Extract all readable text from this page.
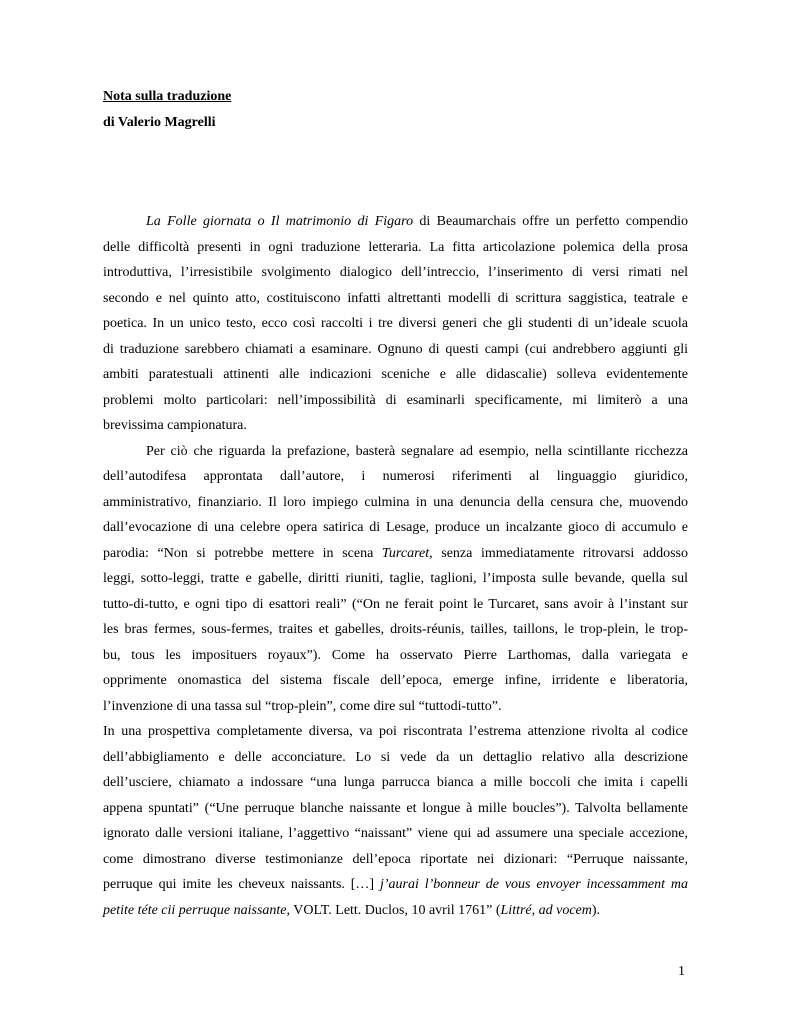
Nota sulla traduzione
di Valerio Magrelli
La Folle giornata o Il matrimonio di Figaro di Beaumarchais offre un perfetto compendio
delle difficoltà presenti in ogni traduzione letteraria. La fitta articolazione polemica della prosa
introduttiva, l’irresistibile svolgimento dialogico dell’intreccio, l’inserimento di versi rimati nel
secondo e nel quinto atto, costituiscono infatti altrettanti modelli di scrittura saggistica, teatrale e
poetica. In un unico testo, ecco così raccolti i tre diversi generi che gli studenti di un’ideale scuola
di traduzione sarebbero chiamati a esaminare. Ognuno di questi campi (cui andrebbero aggiunti gli
ambiti paratestuali attinenti alle indicazioni sceniche e alle didascalie) solleva evidentemente
problemi molto particolari: nell’impossibilità di esaminarli specificamente, mi limiterò a una
brevissima campionatura.
Per ciò che riguarda la prefazione, basterà segnalare ad esempio, nella scintillante ricchezza
dell’autodifesa approntata dall’autore, i numerosi riferimenti al linguaggio giuridico,
amministrativo, finanziario. Il loro impiego culmina in una denuncia della censura che, muovendo
dall’evocazione di una celebre opera satirica di Lesage, produce un incalzante gioco di accumulo e
parodia: “Non si potrebbe mettere in scena Turcaret, senza immediatamente ritrovarsi addosso
leggi, sotto-leggi, tratte e gabelle, diritti riuniti, taglie, taglioni, l’imposta sulle bevande, quella sul
tutto-di-tutto, e ogni tipo di esattori reali” (“On ne ferait point le Turcaret, sans avoir à l’instant sur
les bras fermes, sous-fermes, traites et gabelles, droits-réunis, tailles, taillons, le trop-plein, le trop-
bu, tous les imposituers royaux”). Come ha osservato Pierre Larthomas, dalla variegata e
opprimente onomastica del sistema fiscale dell’epoca, emerge infine, irridente e liberatoria,
l’invenzione di una tassa sul “trop-plein”, come dire sul “tuttodi-tutto”.
In una prospettiva completamente diversa, va poi riscontrata l’estrema attenzione rivolta al codice
dell’abbigliamento e delle acconciature. Lo si vede da un dettaglio relativo alla descrizione
dell’usciere, chiamato a indossare “una lunga parrucca bianca a mille boccoli che imita i capelli
appena spuntati” (“Une perruque blanche naissante et longue à mille boucles”). Talvolta bellamente
ignorato dalle versioni italiane, l’aggettivo “naissant” viene qui ad assumere una speciale accezione,
come dimostrano diverse testimonianze dell’epoca riportate nei dizionari: “Perruque naissante,
perruque qui imite les cheveux naissants. […] j’aurai l’bonneur de vous envoyer incessamment ma
petite téte cii perruque naissante, VOLT. Lett. Duclos, 10 avril 1761” (Littré, ad vocem).
1
